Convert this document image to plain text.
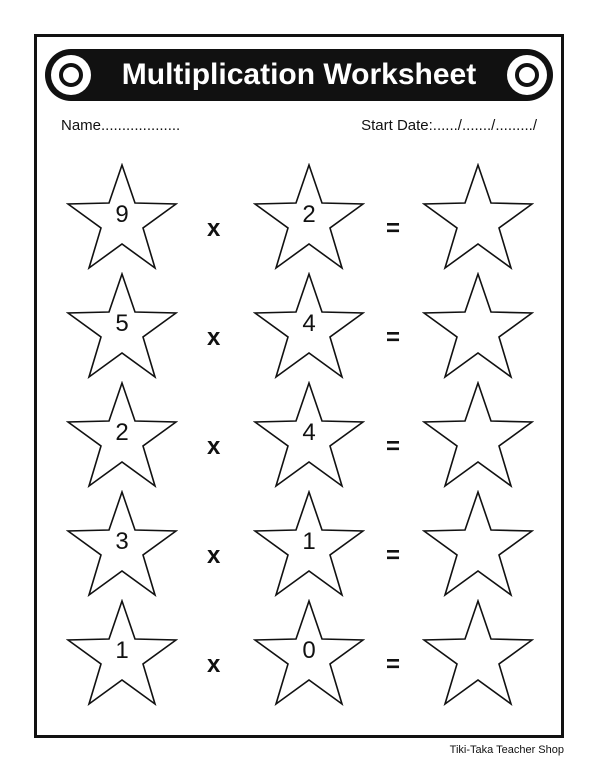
Multiplication Worksheet
Name...................	Start Date:....../......./........./
9
x
2
=
5
x
4
=
2
x
4
=
3
x
1
=
1
x
0
=
Tiki-Taka Teacher Shop
